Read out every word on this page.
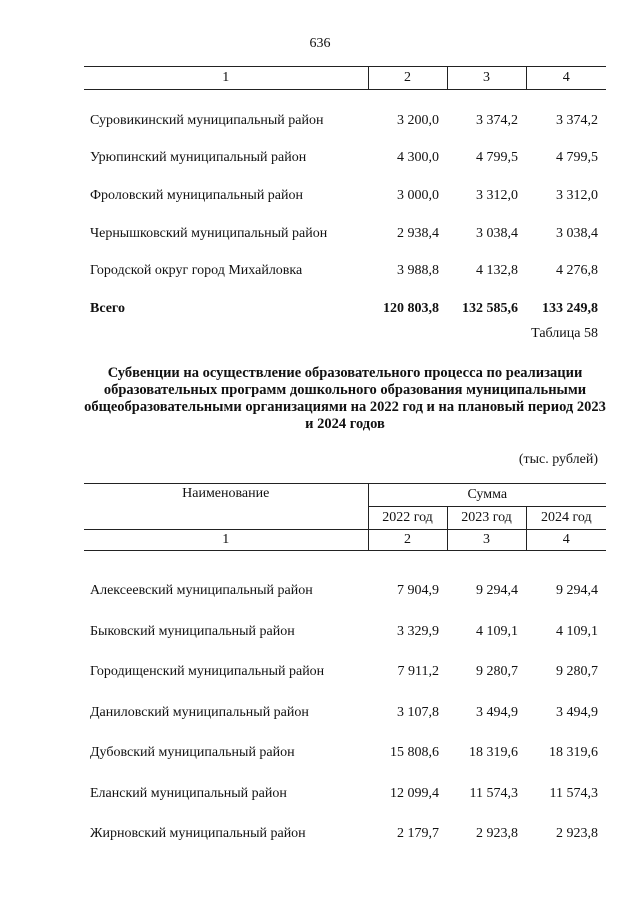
636
1	2	3	4

Суровикинский муниципальный район	3 200,0	3 374,2	3 374,2
Урюпинский муниципальный район	4 300,0	4 799,5	4 799,5
Фроловский муниципальный район	3 000,0	3 312,0	3 312,0
Чернышковский муниципальный район	2 938,4	3 038,4	3 038,4
Городской округ город Михайловка	3 988,8	4 132,8	4 276,8
Всего	120 803,8	132 585,6	133 249,8
Таблица 58
Субвенции на осуществление образовательного процесса по реализации образовательных программ дошкольного образования муниципальными общеобразовательными организациями на 2022 год и на плановый период 2023 и 2024 годов
(тыс. рублей)
Наименование	Сумма		
	2022 год	2023 год	2024 год
1	2	3	4

Алексеевский муниципальный район	7 904,9	9 294,4	9 294,4
Быковский муниципальный район	3 329,9	4 109,1	4 109,1
Городищенский муниципальный район	7 911,2	9 280,7	9 280,7
Даниловский муниципальный район	3 107,8	3 494,9	3 494,9
Дубовский муниципальный район	15 808,6	18 319,6	18 319,6
Еланский муниципальный район	12 099,4	11 574,3	11 574,3
Жирновский муниципальный район	2 179,7	2 923,8	2 923,8
